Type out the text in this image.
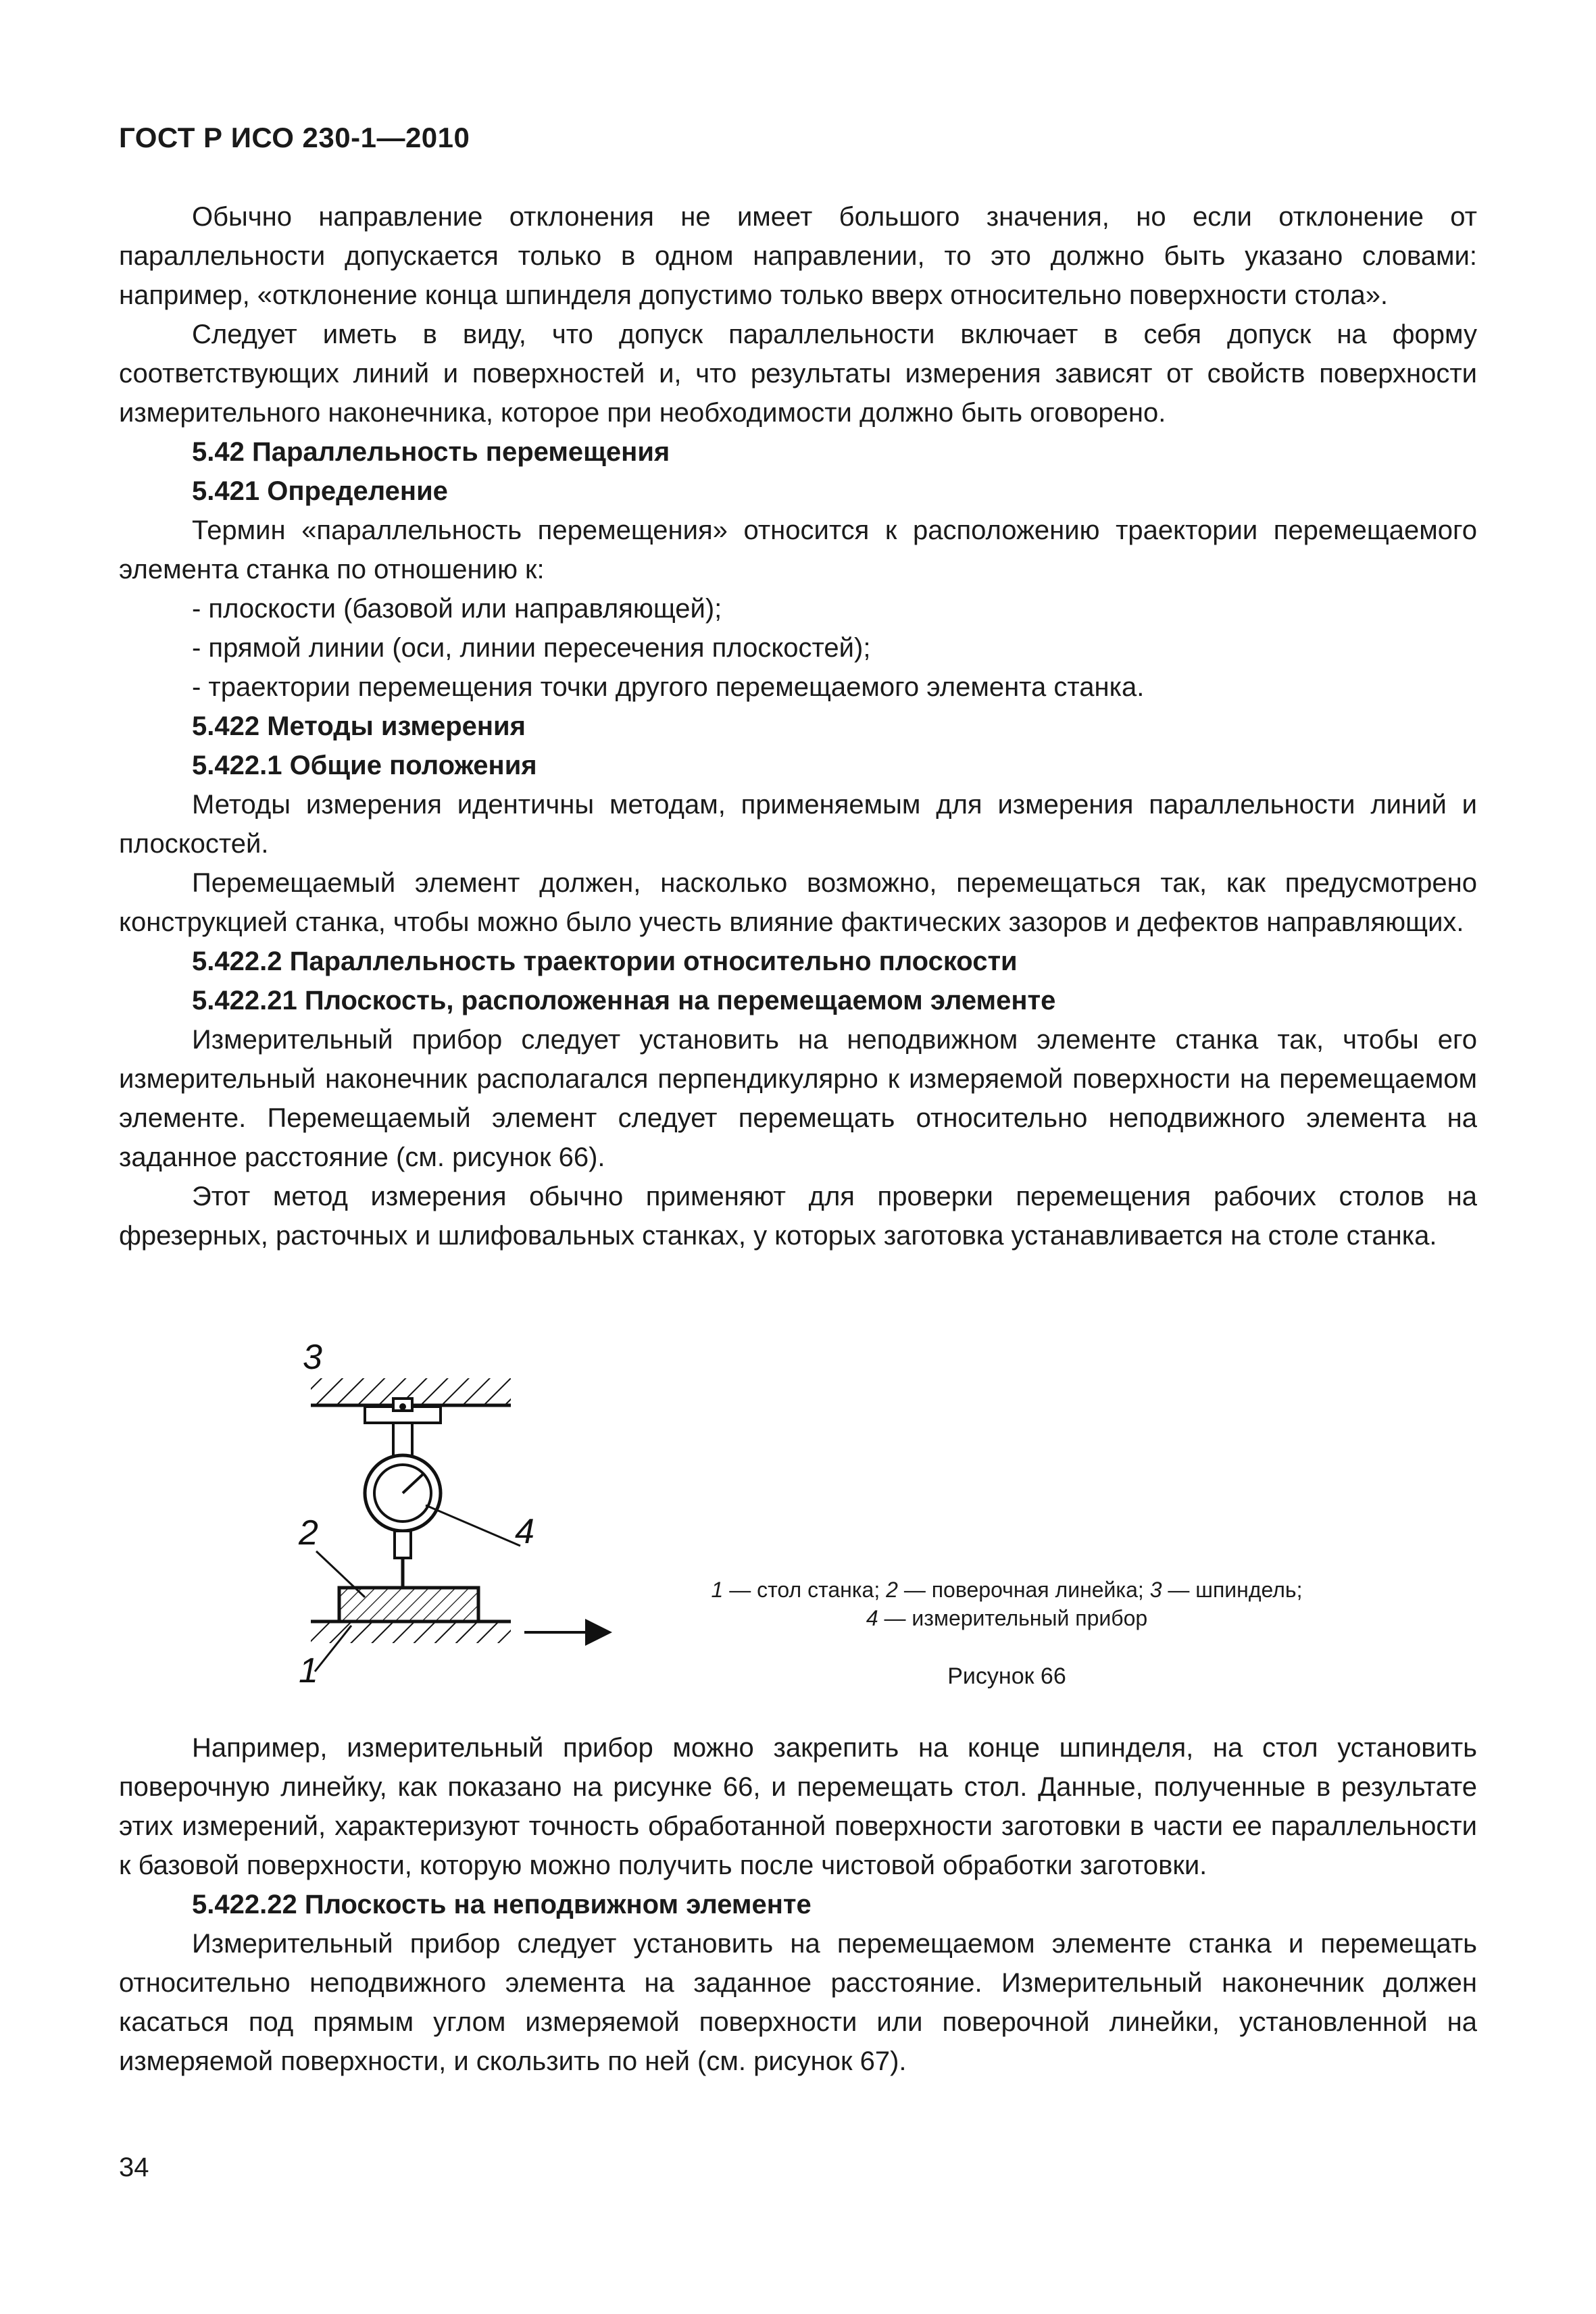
ГОСТ Р ИСО 230-1—2010

Обычно направление отклонения не имеет большого значения, но если отклонение от параллельности допускается только в одном направлении, то это должно быть указано словами: например, «отклонение конца шпинделя допустимо только вверх относительно поверхности стола».

Следует иметь в виду, что допуск параллельности включает в себя допуск на форму соответствующих линий и поверхностей и, что результаты измерения зависят от свойств поверхности измерительного наконечника, которое при необходимости должно быть оговорено.

5.42 Параллельность перемещения

5.421 Определение

Термин «параллельность перемещения» относится к расположению траектории перемещаемого элемента станка по отношению к:

- плоскости (базовой или направляющей);

- прямой линии (оси, линии пересечения плоскостей);

- траектории перемещения точки другого перемещаемого элемента станка.

5.422 Методы измерения

5.422.1 Общие положения

Методы измерения идентичны методам, применяемым для измерения параллельности линий и плоскостей.

Перемещаемый элемент должен, насколько возможно, перемещаться так, как предусмотрено конструкцией станка, чтобы можно было учесть влияние фактических зазоров и дефектов направляющих.

5.422.2 Параллельность траектории относительно плоскости

5.422.21 Плоскость, расположенная на перемещаемом элементе

Измерительный прибор следует установить на неподвижном элементе станка так, чтобы его измерительный наконечник располагался перпендикулярно к измеряемой поверхности на перемещаемом элементе. Перемещаемый элемент следует перемещать относительно неподвижного элемента на заданное расстояние (см. рисунок 66).

Этот метод измерения обычно применяют для проверки перемещения рабочих столов на фрезерных, расточных и шлифовальных станках, у которых заготовка устанавливается на столе станка.

3
2	4
1
1 — стол станка; 2 — поверочная линейка; 3 — шпиндель;
4 — измерительный прибор
Рисунок 66

Например, измерительный прибор можно закрепить на конце шпинделя, на стол установить поверочную линейку, как показано на рисунке 66, и перемещать стол. Данные, полученные в результате этих измерений, характеризуют точность обработанной поверхности заготовки в части ее параллельности к базовой поверхности, которую можно получить после чистовой обработки заготовки.

5.422.22 Плоскость на неподвижном элементе

Измерительный прибор следует установить на перемещаемом элементе станка и перемещать относительно неподвижного элемента на заданное расстояние. Измерительный наконечник должен касаться под прямым углом измеряемой поверхности или поверочной линейки, установленной на измеряемой поверхности, и скользить по ней (см. рисунок 67).

34
